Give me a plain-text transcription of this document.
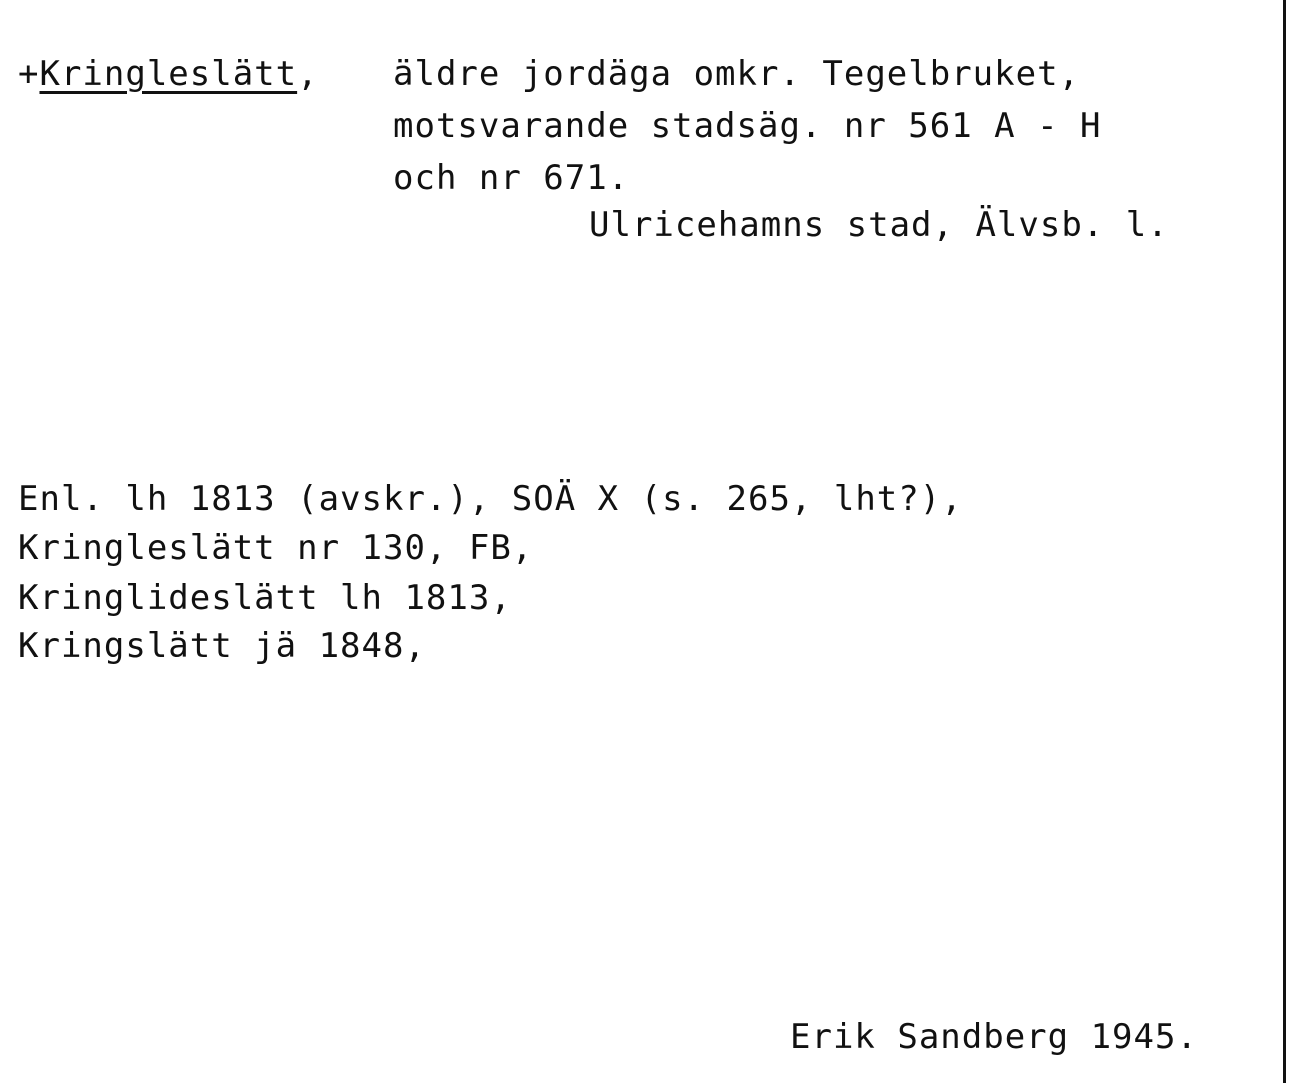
+Kringleslätt, äldre jordäga omkr. Tegelbruket,
motsvarande stadsäg. nr 561 A - H
och nr 671.
Ulricehamns stad, Älvsb. l.
Enl. lh 1813 (avskr.), SOÄ X (s. 265, lht?),
Kringleslätt nr 130, FB,
Kringlideslätt lh 1813,
Kringslätt jä 1848,
Erik Sandberg 1945.
